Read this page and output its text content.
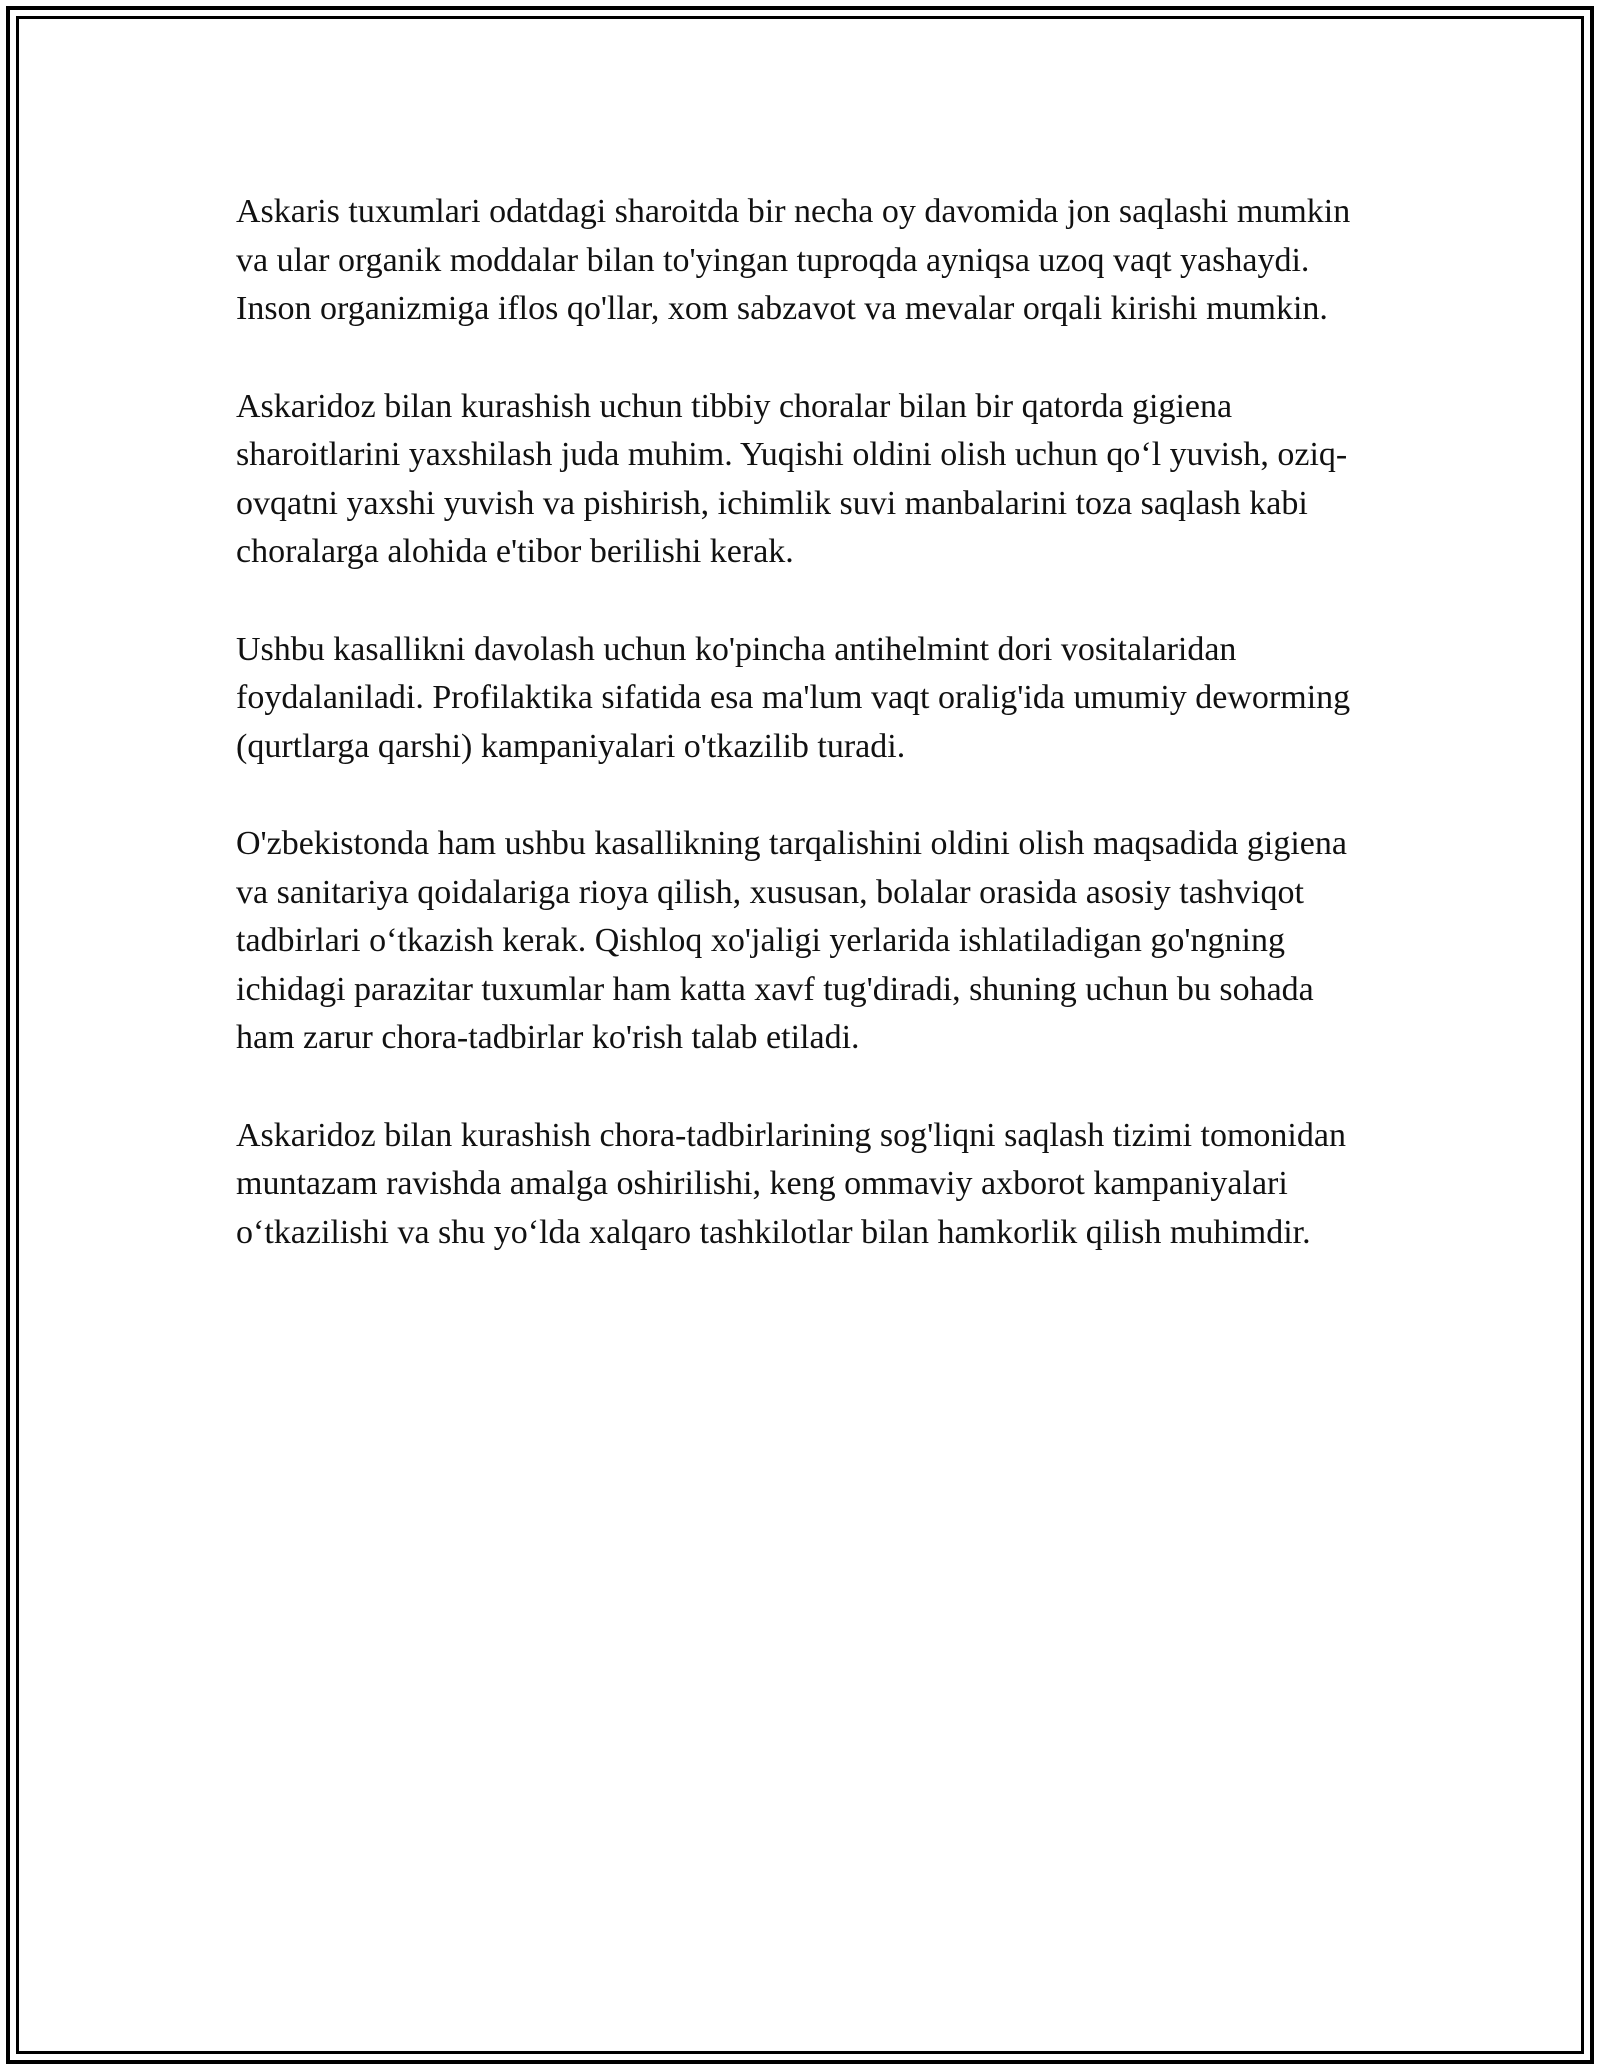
Askaris tuxumlari odatdagi sharoitda bir necha oy davomida jon saqlashi mumkin va ular organik moddalar bilan to'yingan tuproqda ayniqsa uzoq vaqt yashaydi. Inson organizmiga iflos qo'llar, xom sabzavot va mevalar orqali kirishi mumkin.

Askaridoz bilan kurashish uchun tibbiy choralar bilan bir qatorda gigiena sharoitlarini yaxshilash juda muhim. Yuqishi oldini olish uchun qo‘l yuvish, oziq-ovqatni yaxshi yuvish va pishirish, ichimlik suvi manbalarini toza saqlash kabi choralarga alohida e'tibor berilishi kerak.

Ushbu kasallikni davolash uchun ko'pincha antihelmint dori vositalaridan foydalaniladi. Profilaktika sifatida esa ma'lum vaqt oralig'ida umumiy deworming (qurtlarga qarshi) kampaniyalari o'tkazilib turadi.

O'zbekistonda ham ushbu kasallikning tarqalishini oldini olish maqsadida gigiena va sanitariya qoidalariga rioya qilish, xususan, bolalar orasida asosiy tashviqot tadbirlari o‘tkazish kerak. Qishloq xo'jaligi yerlarida ishlatiladigan go'ngning ichidagi parazitar tuxumlar ham katta xavf tug'diradi, shuning uchun bu sohada ham zarur chora-tadbirlar ko'rish talab etiladi.

Askaridoz bilan kurashish chora-tadbirlarining sog'liqni saqlash tizimi tomonidan muntazam ravishda amalga oshirilishi, keng ommaviy axborot kampaniyalari o‘tkazilishi va shu yo‘lda xalqaro tashkilotlar bilan hamkorlik qilish muhimdir.
